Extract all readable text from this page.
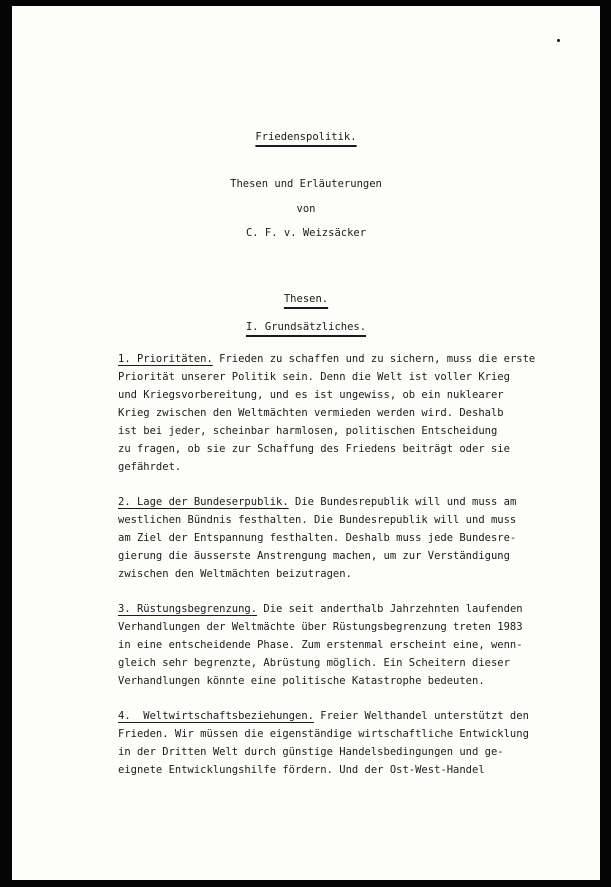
Friedenspolitik.
Thesen und Erläuterungen
von
C. F. v. Weizsäcker
Thesen.
I. Grundsätzliches.
1. Prioritäten. Frieden zu schaffen und zu sichern, muss die erste
Priorität unserer Politik sein. Denn die Welt ist voller Krieg
und Kriegsvorbereitung, und es ist ungewiss, ob ein nuklearer
Krieg zwischen den Weltmächten vermieden werden wird. Deshalb
ist bei jeder, scheinbar harmlosen, politischen Entscheidung
zu fragen, ob sie zur Schaffung des Friedens beiträgt oder sie
gefährdet.
2. Lage der Bundeserpublik. Die Bundesrepublik will und muss am
westlichen Bündnis festhalten. Die Bundesrepublik will und muss
am Ziel der Entspannung festhalten. Deshalb muss jede Bundesre-
gierung die äusserste Anstrengung machen, um zur Verständigung
zwischen den Weltmächten beizutragen.
3. Rüstungsbegrenzung. Die seit anderthalb Jahrzehnten laufenden
Verhandlungen der Weltmächte über Rüstungsbegrenzung treten 1983
in eine entscheidende Phase. Zum erstenmal erscheint eine, wenn-
gleich sehr begrenzte, Abrüstung möglich. Ein Scheitern dieser
Verhandlungen könnte eine politische Katastrophe bedeuten.
4.  Weltwirtschaftsbeziehungen. Freier Welthandel unterstützt den
Frieden. Wir müssen die eigenständige wirtschaftliche Entwicklung
in der Dritten Welt durch günstige Handelsbedingungen und ge-
eignete Entwicklungshilfe fördern. Und der Ost-West-Handel
